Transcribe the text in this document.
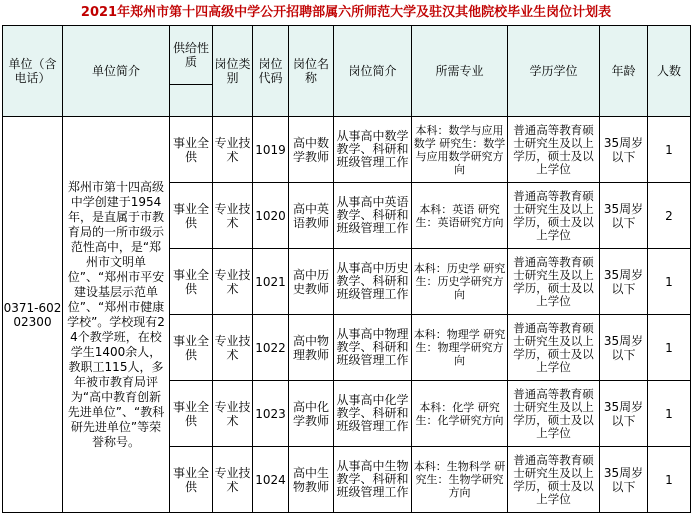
2021年郑州市第十四高级中学公开招聘部属六所师范大学及驻汉其他院校毕业生岗位计划表
单位（含电话）	单位简介	供给性质	岗位类别	岗位代码	岗位名称	岗位简介	所需专业	学历学位	年龄	人数

0371-60202300	郑州市第十四高级中学创建于1954年，是直属于市教育局的一所市级示范性高中，是“郑州市文明单位”、“郑州市平安建设基层示范单位”、“郑州市健康学校”。学校现有24个教学班，在校学生1400余人，教职工115人，多年被市教育局评为“高中教育创新先进单位”、“教科研先进单位”等荣誉称号。	事业全供	专业技术	1019	高中数学教师	从事高中数学教学、科研和班级管理工作	本科：数学与应用数学 研究生：数学与应用数学研究方向	普通高等教育硕士研究生及以上学历，硕士及以上学位	35周岁以下	1
		事业全供	专业技术	1020	高中英语教师	从事高中英语教学、科研和班级管理工作	本科：英语 研究生：英语研究方向	普通高等教育硕士研究生及以上学历，硕士及以上学位	35周岁以下	2
		事业全供	专业技术	1021	高中历史教师	从事高中历史教学、科研和班级管理工作	本科：历史学 研究生：历史学研究方向	普通高等教育硕士研究生及以上学历，硕士及以上学位	35周岁以下	1
		事业全供	专业技术	1022	高中物理教师	从事高中物理教学、科研和班级管理工作	本科：物理学 研究生：物理学研究方向	普通高等教育硕士研究生及以上学历，硕士及以上学位	35周岁以下	1
		事业全供	专业技术	1023	高中化学教师	从事高中化学教学、科研和班级管理工作	本科：化学 研究生：化学研究方向	普通高等教育硕士研究生及以上学历，硕士及以上学位	35周岁以下	1
		事业全供	专业技术	1024	高中生物教师	从事高中生物教学、科研和班级管理工作	本科：生物科学 研究生：生物学研究方向	普通高等教育硕士研究生及以上学历，硕士及以上学位	35周岁以下	1
